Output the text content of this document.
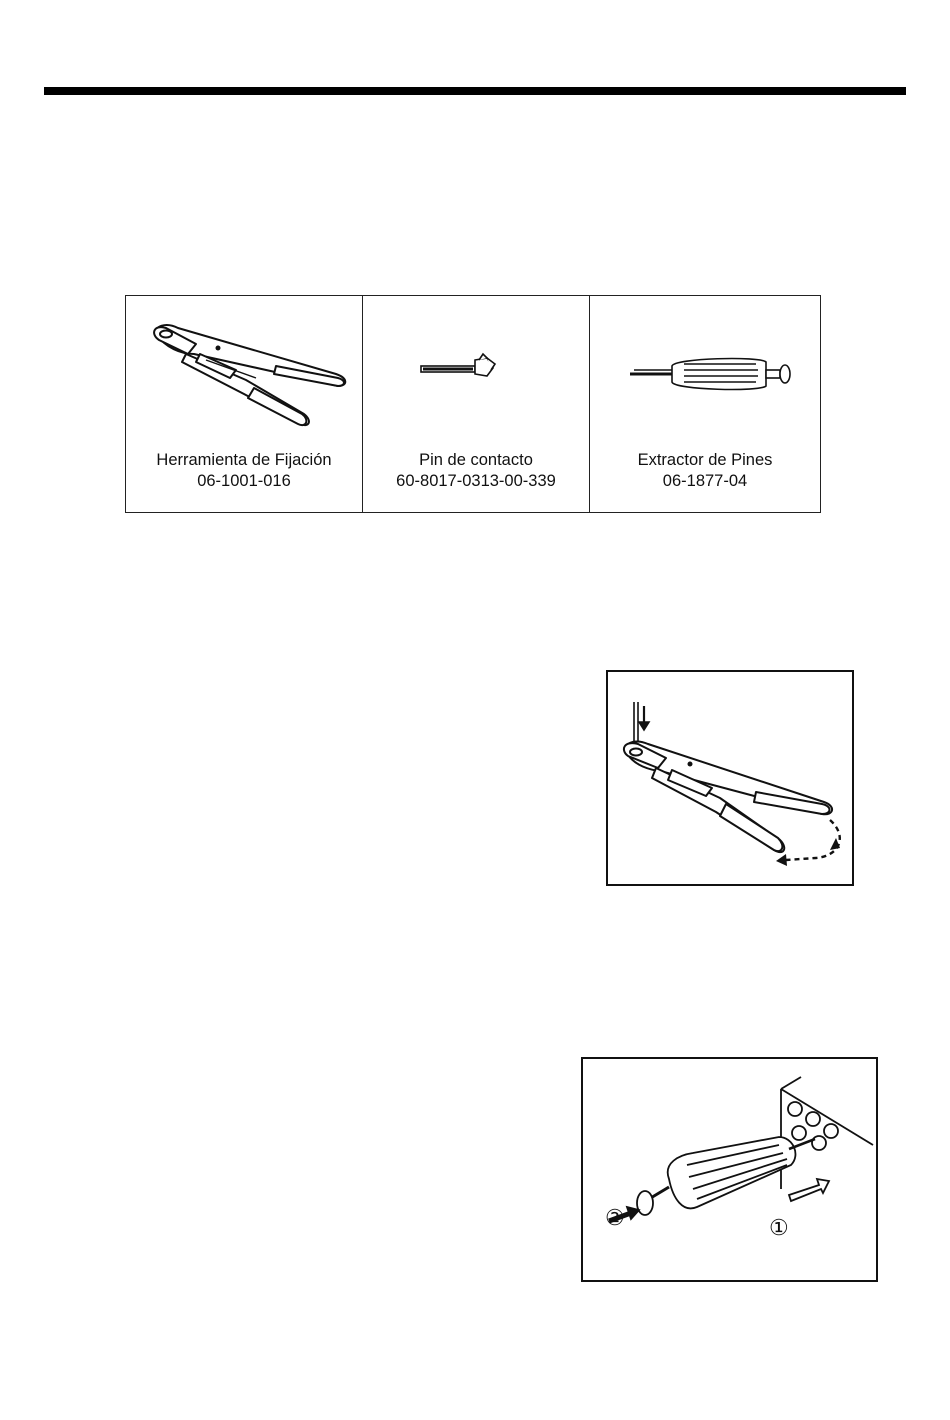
Herramienta de Fijación
06-1001-016
Pin de contacto
60-8017-0313-00-339
Extractor de Pines
06-1877-04
②	①
